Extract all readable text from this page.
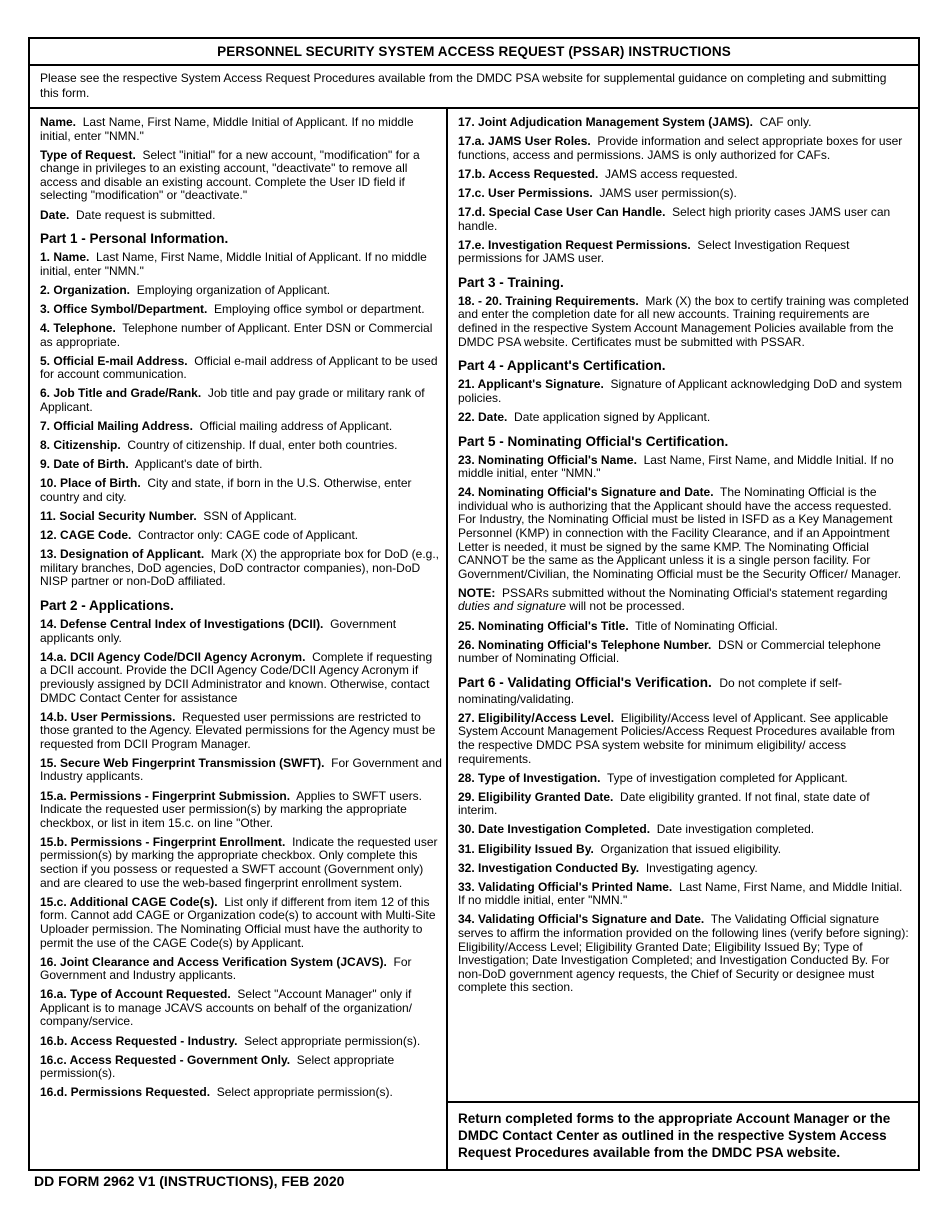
PERSONNEL SECURITY SYSTEM ACCESS REQUEST (PSSAR) INSTRUCTIONS
Please see the respective System Access Request Procedures available from the DMDC PSA website for supplemental guidance on completing and submitting this form.

Name. Last Name, First Name, Middle Initial of Applicant. If no middle initial, enter "NMN."

Type of Request. Select "initial" for a new account, "modification" for a change in privileges to an existing account, "deactivate" to remove all access and disable an existing account. Complete the User ID field if selecting "modification" or "deactivate."

Date. Date request is submitted.

Part 1 - Personal Information.

1. Name. Last Name, First Name, Middle Initial of Applicant. If no middle initial, enter "NMN."

2. Organization. Employing organization of Applicant.

3. Office Symbol/Department. Employing office symbol or department.

4. Telephone. Telephone number of Applicant. Enter DSN or Commercial as appropriate.

5. Official E-mail Address. Official e-mail address of Applicant to be used for account communication.

6. Job Title and Grade/Rank. Job title and pay grade or military rank of Applicant.

7. Official Mailing Address. Official mailing address of Applicant.

8. Citizenship. Country of citizenship. If dual, enter both countries.

9. Date of Birth. Applicant's date of birth.

10. Place of Birth. City and state, if born in the U.S. Otherwise, enter country and city.

11. Social Security Number. SSN of Applicant.

12. CAGE Code. Contractor only: CAGE code of Applicant.

13. Designation of Applicant. Mark (X) the appropriate box for DoD (e.g., military branches, DoD agencies, DoD contractor companies), non-DoD NISP partner or non-DoD affiliated.

Part 2 - Applications.

14. Defense Central Index of Investigations (DCII). Government applicants only.

14.a. DCII Agency Code/DCII Agency Acronym. Complete if requesting a DCII account. Provide the DCII Agency Code/DCII Agency Acronym if previously assigned by DCII Administrator and known. Otherwise, contact DMDC Contact Center for assistance

14.b. User Permissions. Requested user permissions are restricted to those granted to the Agency. Elevated permissions for the Agency must be requested from DCII Program Manager.

15. Secure Web Fingerprint Transmission (SWFT). For Government and Industry applicants.

15.a. Permissions - Fingerprint Submission. Applies to SWFT users. Indicate the requested user permission(s) by marking the appropriate checkbox, or list in item 15.c. on line "Other.

15.b. Permissions - Fingerprint Enrollment. Indicate the requested user permission(s) by marking the appropriate checkbox. Only complete this section if you possess or requested a SWFT account (Government only) and are cleared to use the web-based fingerprint enrollment system.

15.c. Additional CAGE Code(s). List only if different from item 12 of this form. Cannot add CAGE or Organization code(s) to account with Multi-Site Uploader permission. The Nominating Official must have the authority to permit the use of the CAGE Code(s) by Applicant.

16. Joint Clearance and Access Verification System (JCAVS). For Government and Industry applicants.

16.a. Type of Account Requested. Select "Account Manager" only if Applicant is to manage JCAVS accounts on behalf of the organization/ company/service.

16.b. Access Requested - Industry. Select appropriate permission(s).

16.c. Access Requested - Government Only. Select appropriate permission(s).

16.d. Permissions Requested. Select appropriate permission(s).

17. Joint Adjudication Management System (JAMS). CAF only.

17.a. JAMS User Roles. Provide information and select appropriate boxes for user functions, access and permissions. JAMS is only authorized for CAFs.

17.b. Access Requested. JAMS access requested.

17.c. User Permissions. JAMS user permission(s).

17.d. Special Case User Can Handle. Select high priority cases JAMS user can handle.

17.e. Investigation Request Permissions. Select Investigation Request permissions for JAMS user.

Part 3 - Training.

18. - 20. Training Requirements. Mark (X) the box to certify training was completed and enter the completion date for all new accounts. Training requirements are defined in the respective System Account Management Policies available from the DMDC PSA website. Certificates must be submitted with PSSAR.

Part 4 - Applicant's Certification.

21. Applicant's Signature. Signature of Applicant acknowledging DoD and system policies.

22. Date. Date application signed by Applicant.

Part 5 - Nominating Official's Certification.

23. Nominating Official's Name. Last Name, First Name, and Middle Initial. If no middle initial, enter "NMN."

24. Nominating Official's Signature and Date. The Nominating Official is the individual who is authorizing that the Applicant should have the access requested. For Industry, the Nominating Official must be listed in ISFD as a Key Management Personnel (KMP) in connection with the Facility Clearance, and if an Appointment Letter is needed, it must be signed by the same KMP. The Nominating Official CANNOT be the same as the Applicant unless it is a single person facility. For Government/Civilian, the Nominating Official must be the Security Officer/ Manager.

NOTE: PSSARs submitted without the Nominating Official's statement regarding duties and signature will not be processed.

25. Nominating Official's Title. Title of Nominating Official.

26. Nominating Official's Telephone Number. DSN or Commercial telephone number of Nominating Official.

Part 6 - Validating Official's Verification. Do not complete if self-nominating/validating.

27. Eligibility/Access Level. Eligibility/Access level of Applicant. See applicable System Account Management Policies/Access Request Procedures available from the respective DMDC PSA system website for minimum eligibility/ access requirements.

28. Type of Investigation. Type of investigation completed for Applicant.

29. Eligibility Granted Date. Date eligibility granted. If not final, state date of interim.

30. Date Investigation Completed. Date investigation completed.

31. Eligibility Issued By. Organization that issued eligibility.

32. Investigation Conducted By. Investigating agency.

33. Validating Official's Printed Name. Last Name, First Name, and Middle Initial. If no middle initial, enter "NMN."

34. Validating Official's Signature and Date. The Validating Official signature serves to affirm the information provided on the following lines (verify before signing): Eligibility/Access Level; Eligibility Granted Date; Eligibility Issued By; Type of Investigation; Date Investigation Completed; and Investigation Conducted By. For non-DoD government agency requests, the Chief of Security or designee must complete this section.

Return completed forms to the appropriate Account Manager or the DMDC Contact Center as outlined in the respective System Access Request Procedures available from the DMDC PSA website.
DD FORM 2962 V1 (INSTRUCTIONS), FEB 2020
